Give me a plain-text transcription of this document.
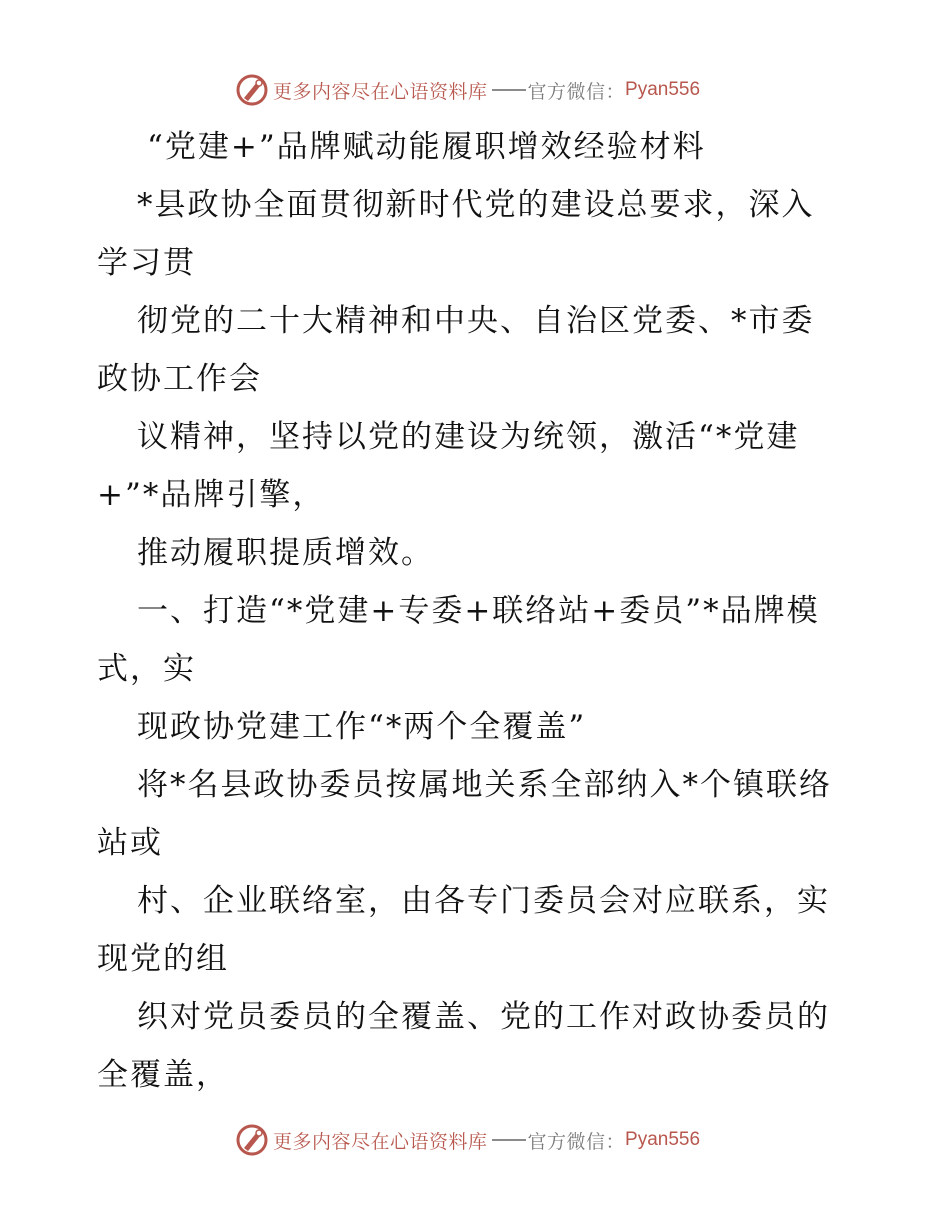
更多内容尽在心语资料库 官方微信： Pyan556
“党建+”品牌赋动能履职增效经验材料
*县政协全面贯彻新时代党的建设总要求，深入
学习贯
彻党的二十大精神和中央、自治区党委、*市委
政协工作会
议精神，坚持以党的建设为统领，激活“*党建
+”*品牌引擎，
推动履职提质增效。
一、打造“*党建+专委+联络站+委员”*品牌模
式，实
现政协党建工作“*两个全覆盖”
将*名县政协委员按属地关系全部纳入*个镇联络
站或
村、企业联络室，由各专门委员会对应联系，实
现党的组
织对党员委员的全覆盖、党的工作对政协委员的
全覆盖，
更多内容尽在心语资料库 官方微信： Pyan556
